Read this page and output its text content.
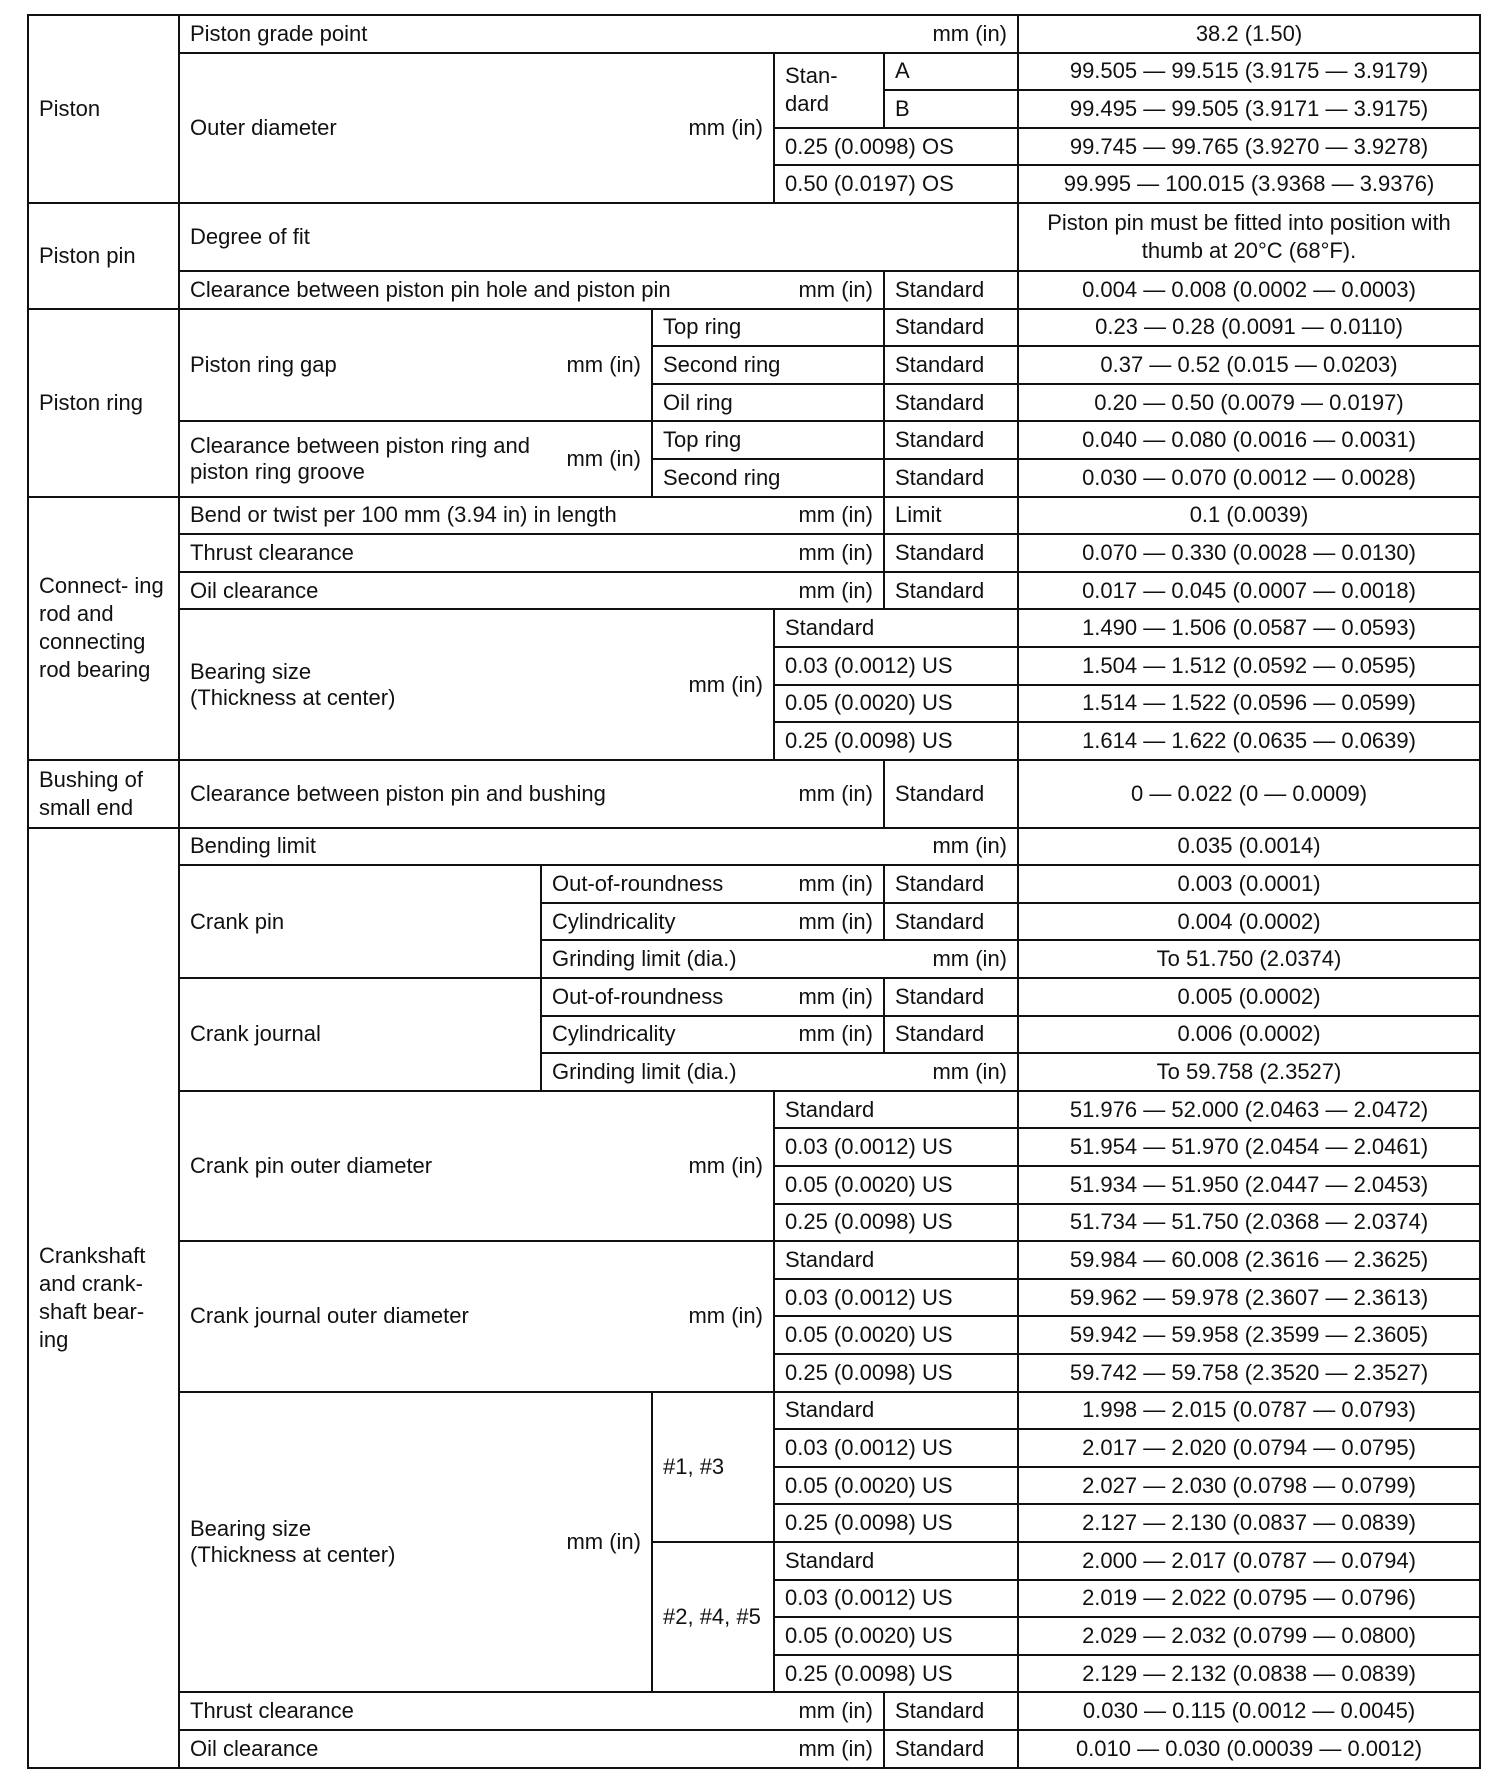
Piston	Piston grade point mm (in)					38.2 (1.50)

	Outer diameter mm (in)			Stan- dard	A	99.505 — 99.515 (3.9175 — 3.9179)
					B	99.495 — 99.505 (3.9171 — 3.9175)
				0.25 (0.0098) OS		99.745 — 99.765 (3.9270 — 3.9278)
				0.50 (0.0197) OS		99.995 — 100.015 (3.9368 — 3.9376)
Piston pin	Degree of fit					Piston pin must be fitted into position with thumb at 20°C (68°F).

	Clearance between piston pin hole and piston pin mm (in)				Standard	0.004 — 0.008 (0.0002 — 0.0003)
Piston ring	Piston ring gap mm (in)		Top ring		Standard	0.23 — 0.28 (0.0091 — 0.0110)
			Second ring		Standard	0.37 — 0.52 (0.015 — 0.0203)
			Oil ring		Standard	0.20 — 0.50 (0.0079 — 0.0197)

	Clearance between piston ring and piston ring groove
mm (in)		Top ring		Standard	0.040 — 0.080 (0.0016 — 0.0031)
			Second ring		Standard	0.030 — 0.070 (0.0012 — 0.0028)
Connect- ing rod and connecting rod bearing	Bend or twist per 100 mm (3.94 in) in length mm (in)				Limit	0.1 (0.0039)

	Thrust clearance mm (in)				Standard	0.070 — 0.330 (0.0028 — 0.0130)

	Oil clearance mm (in)				Standard	0.017 — 0.045 (0.0007 — 0.0018)

	Bearing size (Thickness at center)
mm (in)			Standard		1.490 — 1.506 (0.0587 — 0.0593)
				0.03 (0.0012) US		1.504 — 1.512 (0.0592 — 0.0595)
				0.05 (0.0020) US		1.514 — 1.522 (0.0596 — 0.0599)
				0.25 (0.0098) US		1.614 — 1.622 (0.0635 — 0.0639)
Bushing of small end	Clearance between piston pin and bushing mm (in)				Standard	0 — 0.022 (0 — 0.0009)
Crankshaft and crank- shaft bear- ing	Bending limit mm (in)					0.035 (0.0014)
	Crank pin	Out-of-roundness mm (in)			Standard	0.003 (0.0001)

		Cylindricality mm (in)			Standard	0.004 (0.0002)

		Grinding limit (dia.) mm (in)				To 51.750 (2.0374)
	Crank journal	Out-of-roundness mm (in)			Standard	0.005 (0.0002)

		Cylindricality mm (in)			Standard	0.006 (0.0002)

		Grinding limit (dia.) mm (in)				To 59.758 (2.3527)

	Crank pin outer diameter mm (in)			Standard		51.976 — 52.000 (2.0463 — 2.0472)
				0.03 (0.0012) US		51.954 — 51.970 (2.0454 — 2.0461)
				0.05 (0.0020) US		51.934 — 51.950 (2.0447 — 2.0453)
				0.25 (0.0098) US		51.734 — 51.750 (2.0368 — 2.0374)

	Crank journal outer diameter mm (in)			Standard		59.984 — 60.008 (2.3616 — 2.3625)
				0.03 (0.0012) US		59.962 — 59.978 (2.3607 — 2.3613)
				0.05 (0.0020) US		59.942 — 59.958 (2.3599 — 2.3605)
				0.25 (0.0098) US		59.742 — 59.758 (2.3520 — 2.3527)

	Bearing size (Thickness at center)
mm (in)		#1, #3	Standard		1.998 — 2.015 (0.0787 — 0.0793)
				0.03 (0.0012) US		2.017 — 2.020 (0.0794 — 0.0795)
				0.05 (0.0020) US		2.027 — 2.030 (0.0798 — 0.0799)
				0.25 (0.0098) US		2.127 — 2.130 (0.0837 — 0.0839)
			#2, #4, #5	Standard		2.000 — 2.017 (0.0787 — 0.0794)
				0.03 (0.0012) US		2.019 — 2.022 (0.0795 — 0.0796)
				0.05 (0.0020) US		2.029 — 2.032 (0.0799 — 0.0800)
				0.25 (0.0098) US		2.129 — 2.132 (0.0838 — 0.0839)

	Thrust clearance mm (in)				Standard	0.030 — 0.115 (0.0012 — 0.0045)

	Oil clearance mm (in)				Standard	0.010 — 0.030 (0.00039 — 0.0012)
